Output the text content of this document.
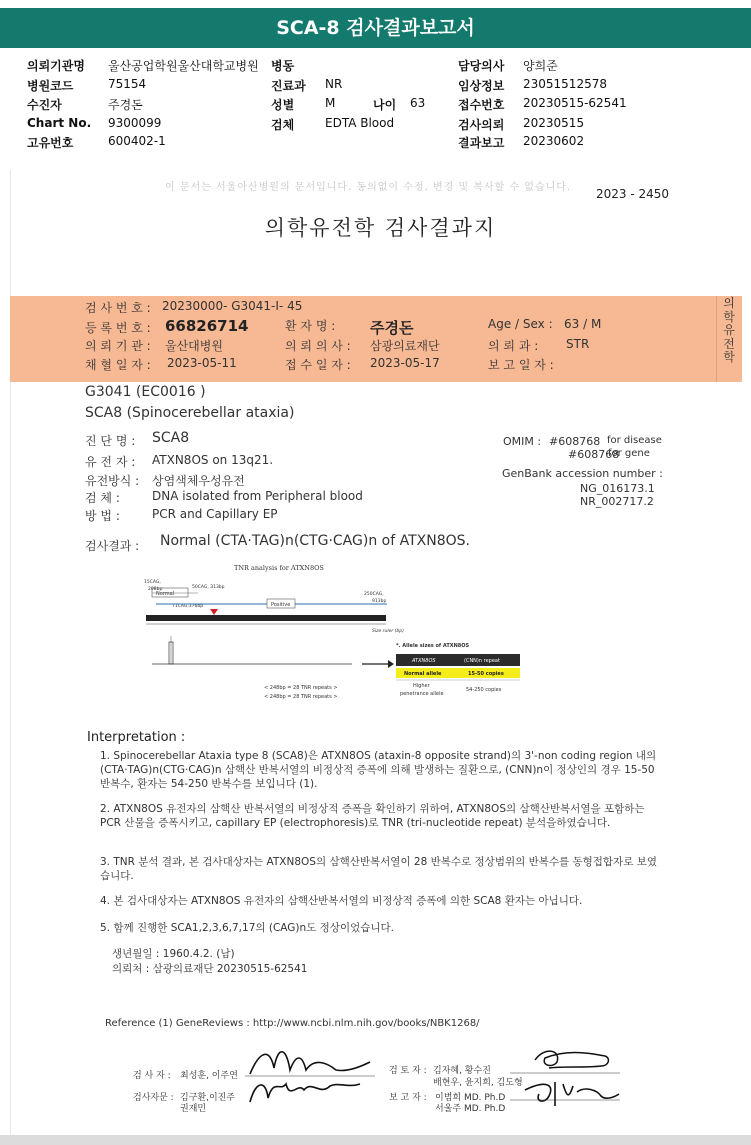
SCA-8 검사결과보고서
의뢰기관명 울산공업학원울산대학교병원
병원코드	75154
수진자	주경돈
Chart No. 9300099
고유번호	600402-1
병동
진료과 NR
성별	M	나이 63
검체	EDTA Blood
담당의사 양희준
임상정보 23051512578
접수번호 20230515-62541
검사의뢰 20230515
결과보고 20230602
이 문서는 서울아산병원의 문서입니다. 동의없이 수정, 변경 및 복사할 수 없습니다. 2023 - 2450
의학유전학 검사결과지
의학유전학
검 사 번 호 : 20230000- G3041-I- 45
등 록 번 호 : 66826714	환 자 명 : 주경돈	Age / Sex : 63 / M
의 뢰 기 관 : 울산대병원	의 뢰 의 사 : 삼광의료재단	의 뢰 과 : STR
채 혈 일 자 : 2023-05-11	접 수 일 자 : 2023-05-17	보 고 일 자 :
G3041 (EC0016 )
SCA8 (Spinocerebellar ataxia)
진 단 명 : SCA8
유 전 자 : ATXN8OS on 13q21.
유전방식 : 상염색체우성유전
검 체 :	DNA isolated from Peripheral blood
방 법 :	PCR and Capillary EP
OMIM : #608768 for disease
#608768
for gene
GenBank accession number :
NG_016173.1
NR_002717.2
검사결과 : Normal (CTA·TAG)n(CTG·CAG)n of ATXN8OS.
TNR analysis for ATXN8OS
15CAG,
208bp	50CAG, 313bp
Normal
71CAG,376bp	Positive
250CAG,
913bp
Size ruler (bp)
< 248bp = 28 TNR repeats >
< 248bp = 28 TNR repeats >
*. Allele sizes of ATXN8OS
ATXN8OS	(CNN)n repeat
Normal allele	15-50 copies
Higher
penetrance allele
54-250 copies
Interpretation :
1. Spinocerebellar Ataxia type 8 (SCA8)은 ATXN8OS (ataxin-8 opposite strand)의 3'-non coding region 내의 (CTA·TAG)n(CTG·CAG)n 삼핵산 반복서열의 비정상적 증폭에 의해 발생하는 질환으로, (CNN)n이 정상인의 경우 15-50 반복수, 환자는 54-250 반복수를 보입니다 (1).
2. ATXN8OS 유전자의 삼핵산 반복서열의 비정상적 증폭을 확인하기 위하여, ATXN8OS의 삼핵산반복서열을 포함하는 PCR 산물을 증폭시키고, capillary EP (electrophoresis)로 TNR (tri-nucleotide repeat) 분석을하였습니다.
3. TNR 분석 결과, 본 검사대상자는 ATXN8OS의 삼핵산반복서열이 28 반복수로 정상범위의 반복수를 동형접합자로 보였습니다.
4. 본 검사대상자는 ATXN8OS 유전자의 삼핵산반복서열의 비정상적 증폭에 의한 SCA8 환자는 아닙니다.
5. 함께 진행한 SCA1,2,3,6,7,17의 (CAG)n도 정상이었습니다.
생년월일 : 1960.4.2. (남)
의뢰처 : 삼광의료재단 20230515-62541
Reference (1) GeneReviews : http://www.ncbi.nlm.nih.gov/books/NBK1268/
검 사 자 : 최성훈, 이주연
검사자문 : 김구환,이진주
권재민
검 토 자 : 김자혜, 황수진
배현우, 윤지희, 김도형
보 고 자 : 이범희 MD. Ph.D
서울주 MD. Ph.D
